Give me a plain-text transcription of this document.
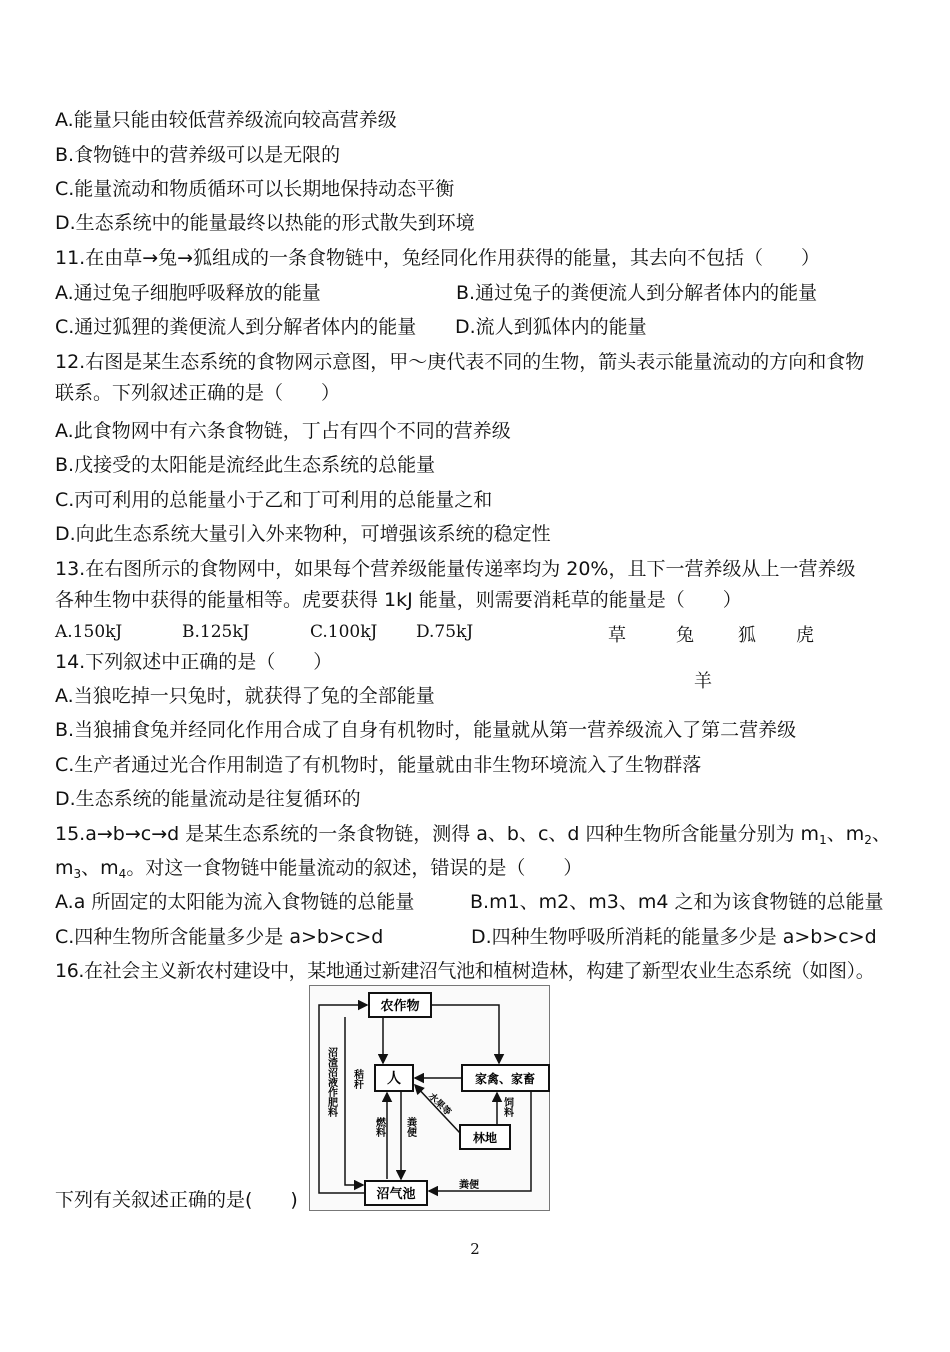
A.能量只能由较低营养级流向较高营养级
B.食物链中的营养级可以是无限的
C.能量流动和物质循环可以长期地保持动态平衡
D.生态系统中的能量最终以热能的形式散失到环境
11.在由草→兔→狐组成的一条食物链中，兔经同化作用获得的能量，其去向不包括（　　）
A.通过兔子细胞呼吸释放的能量	B.通过兔子的粪便流人到分解者体内的能量
C.通过狐狸的粪便流人到分解者体内的能量 D.流人到狐体内的能量
12.右图是某生态系统的食物网示意图，甲～庚代表不同的生物，箭头表示能量流动的方向和食物
联系。下列叙述正确的是（　　）
A.此食物网中有六条食物链，丁占有四个不同的营养级
B.戊接受的太阳能是流经此生态系统的总能量
C.丙可利用的总能量小于乙和丁可利用的总能量之和
D.向此生态系统大量引入外来物种，可增强该系统的稳定性
13.在右图所示的食物网中，如果每个营养级能量传递率均为 20%，且下一营养级从上一营养级
各种生物中获得的能量相等。虎要获得 1kJ 能量，则需要消耗草的能量是（　　）
A.150kJ	B.125kJ	C.100kJ D.75kJ	草	兔 狐 虎
羊
14.下列叙述中正确的是（　　）
A.当狼吃掉一只兔时，就获得了兔的全部能量
B.当狼捕食兔并经同化作用合成了自身有机物时，能量就从第一营养级流入了第二营养级
C.生产者通过光合作用制造了有机物时，能量就由非生物环境流入了生物群落
D.生态系统的能量流动是往复循环的
15.a→b→c→d 是某生态系统的一条食物链，测得 a、b、c、d 四种生物所含能量分别为 $m_1$、$m_2$、
$m_3$、$m_4$。对这一食物链中能量流动的叙述，错误的是（　　）
A.a 所固定的太阳能为流入食物链的总能量	B.m1、m2、m3、m4 之和为该食物链的总能量
C.四种生物所含能量多少是 a>b>c>d	D.四种生物呼吸所消耗的能量多少是 a>b>c>d
16.在社会主义新农村建设中，某地通过新建沼气池和植树造林，构建了新型农业生态系统（如图）。
农作物
人	家禽、家畜
林地
沼气池
沼渣沼液作肥料 秸秆
燃料 粪便
饲料
水果等
粪便
下列有关叙述正确的是(　　)
2
